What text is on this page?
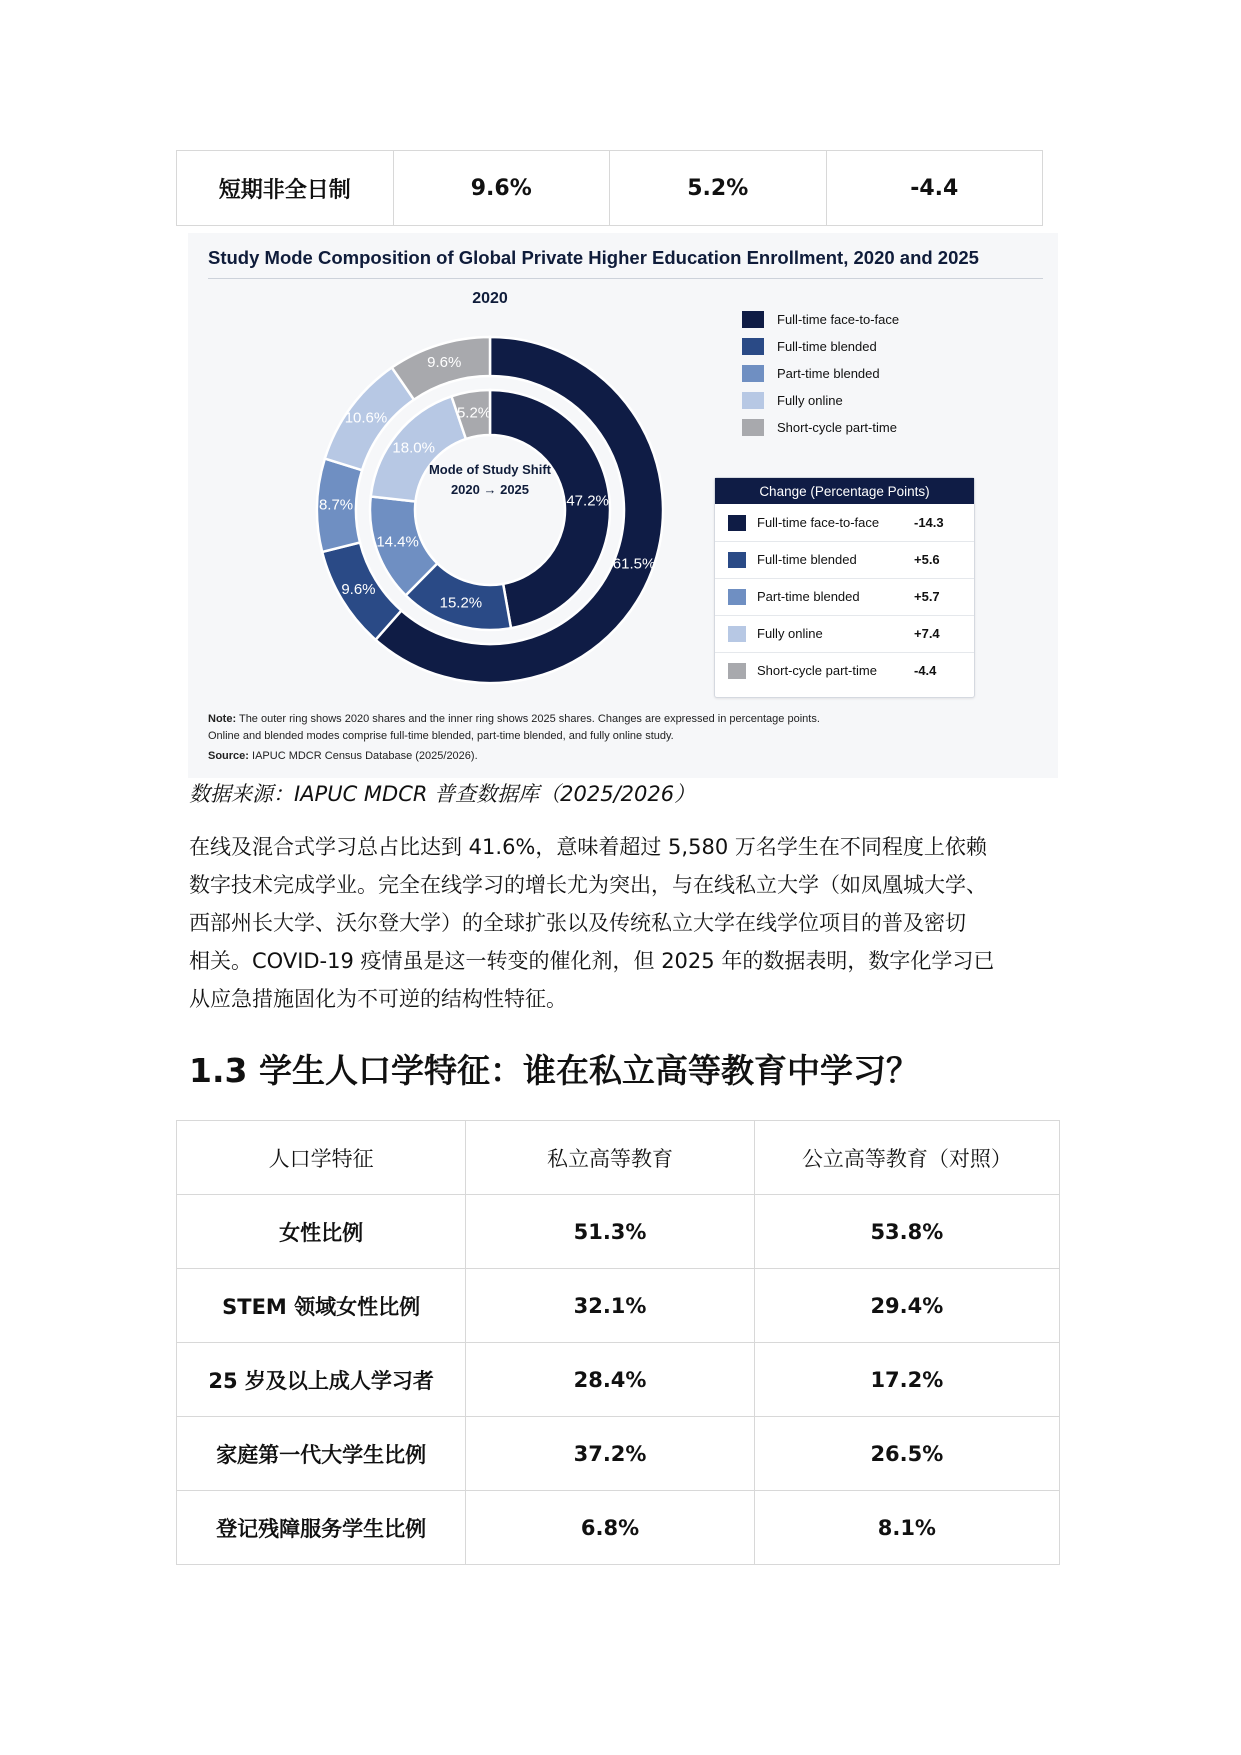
短期非全日制	9.6%	5.2%	-4.4
Study Mode Composition of Global Private Higher Education Enrollment, 2020 and 2025
61.5%
9.6%
8.7%
10.6%
9.6%
47.2%
15.2%
14.4%
18.0%
5.2%
2020
Mode of Study Shift
2020 → 2025
Full-time face-to-face
Full-time blended
Part-time blended
Fully online
Short-cycle part-time
Change (Percentage Points)
Full-time face-to-face	-14.3
Full-time blended	+5.6
Part-time blended	+5.7
Fully online	+7.4
Short-cycle part-time	-4.4
Note: The outer ring shows 2020 shares and the inner ring shows 2025 shares. Changes are expressed in percentage points.
Online and blended modes comprise full-time blended, part-time blended, and fully online study.
Source: IAPUC MDCR Census Database (2025/2026).
数据来源：IAPUC MDCR 普查数据库（2025/2026）
在线及混合式学习总占比达到 41.6%，意味着超过 5,580 万名学生在不同程度上依赖
数字技术完成学业。完全在线学习的增长尤为突出，与在线私立大学（如凤凰城大学、
西部州长大学、沃尔登大学）的全球扩张以及传统私立大学在线学位项目的普及密切
相关。COVID-19 疫情虽是这一转变的催化剂，但 2025 年的数据表明，数字化学习已
从应急措施固化为不可逆的结构性特征。
1.3 学生人口学特征：谁在私立高等教育中学习？
人口学特征	私立高等教育	公立高等教育（对照）
女性比例	51.3%	53.8%
STEM 领域女性比例	32.1%	29.4%
25 岁及以上成人学习者	28.4%	17.2%
家庭第一代大学生比例	37.2%	26.5%
登记残障服务学生比例	6.8%	8.1%
